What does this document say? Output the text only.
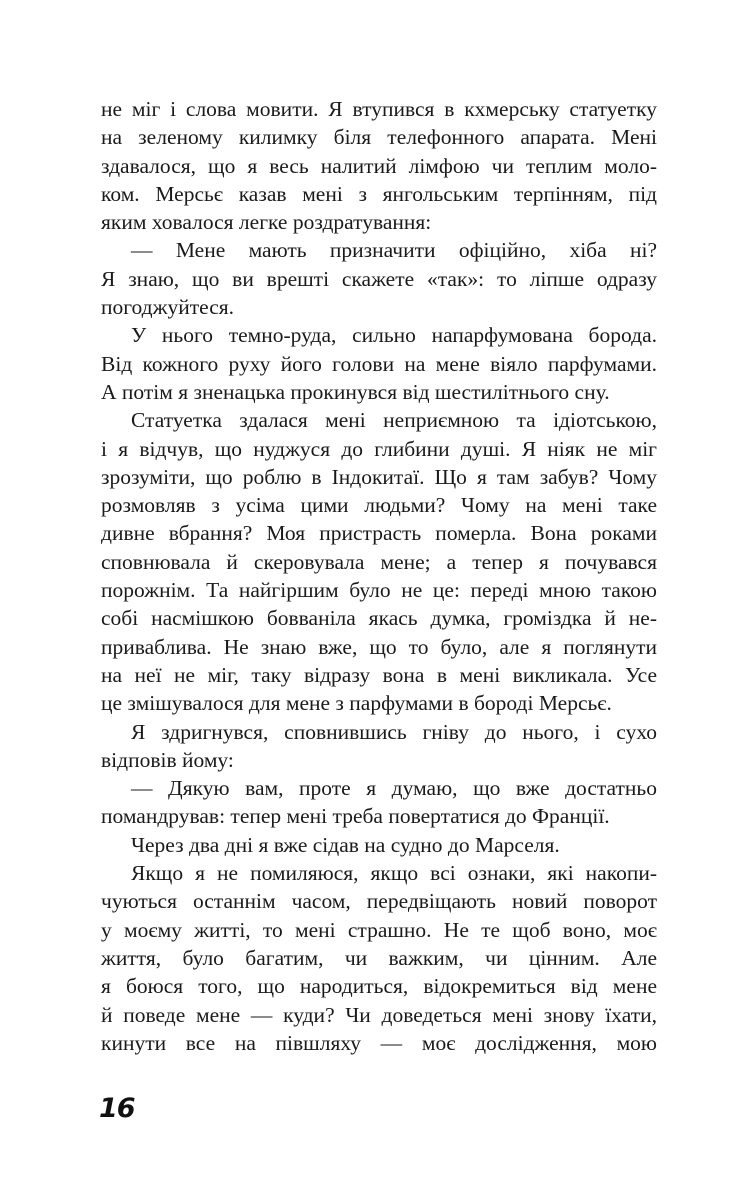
не міг і слова мовити. Я втупився в кхмерську статуетку
на зеленому килимку біля телефонного апарата. Мені
здавалося, що я весь налитий лімфою чи теплим моло-
ком. Мерсьє казав мені з янгольським терпінням, під
яким ховалося легке роздратування:
— Мене мають призначити офіційно, хіба ні?
Я знаю, що ви врешті скажете «так»: то ліпше одразу
погоджуйтеся.
У нього темно-руда, сильно напарфумована борода.
Від кожного руху його голови на мене віяло парфумами.
А потім я зненацька прокинувся від шестилітнього сну.
Статуетка здалася мені неприємною та ідіотською,
і я відчув, що нуджуся до глибини душі. Я ніяк не міг
зрозуміти, що роблю в Індокитаї. Що я там забув? Чому
розмовляв з усіма цими людьми? Чому на мені таке
дивне вбрання? Моя пристрасть померла. Вона роками
сповнювала й скеровувала мене; а тепер я почувався
порожнім. Та найгіршим було не це: переді мною такою
собі насмішкою бовваніла якась думка, громіздка й не-
приваблива. Не знаю вже, що то було, але я поглянути
на неї не міг, таку відразу вона в мені викликала. Усе
це змішувалося для мене з парфумами в бороді Мерсьє.
Я здригнувся, сповнившись гніву до нього, і сухо
відповів йому:
— Дякую вам, проте я думаю, що вже достатньо
помандрував: тепер мені треба повертатися до Франції.
Через два дні я вже сідав на судно до Марселя.
Якщо я не помиляюся, якщо всі ознаки, які накопи-
чуються останнім часом, передвіщають новий поворот
у моєму житті, то мені страшно. Не те щоб воно, моє
життя, було багатим, чи важким, чи цінним. Але
я боюся того, що народиться, відокремиться від мене
й поведе мене — куди? Чи доведеться мені знову їхати,
кинути все на півшляху — моє дослідження, мою
16
